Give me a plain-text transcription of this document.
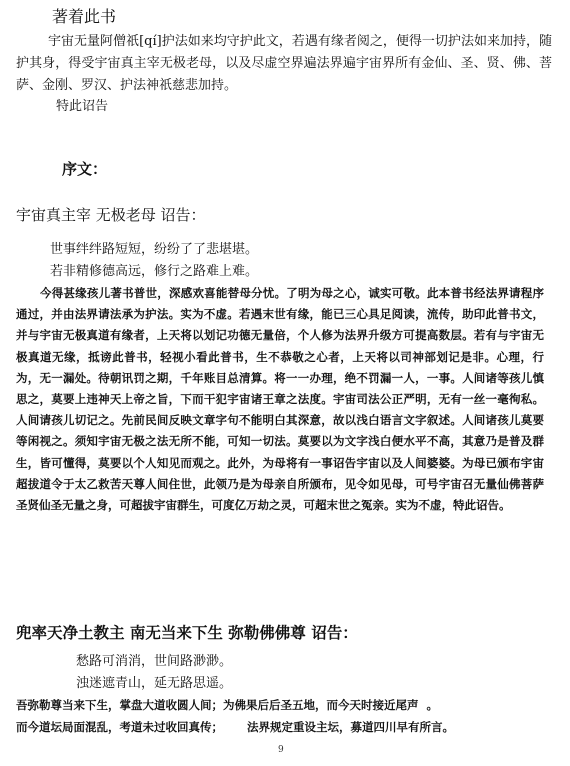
著着此书

宇宙无量阿僧祇[qí]护法如来均守护此文，若遇有缘者阅之，便得一切护法如来加持，随护其身，得受宇宙真主宰无极老母，以及尽虚空界遍法界遍宇宙界所有金仙、圣、贤、佛、菩萨、金刚、罗汉、护法神祇慈悲加持。

特此诏告

序文：

宇宙真主宰 无极老母 诏告：

世事绊绊路短短，纷纷了了悲堪堪。

若非精修德高远，修行之路难上难。

今得甚缘孩儿著书普世，深感欢喜能替母分忧。了明为母之心，诚实可敬。此本普书经法界请程序通过，并由法界请法承为护法。实为不虚。若遇末世有缘，能已三心具足阅读，流传，助印此普书文，并与宇宙无极真道有缘者，上天将以划记功德无量倍，个人修为法界升级方可提高数层。若有与宇宙无极真道无缘，抵谤此普书，轻视小看此普书，生不恭敬之心者，上天将以司神部划记是非。心理，行为，无一漏处。待朝讯罚之期，千年账目总清算。将一一办理，绝不罚漏一人，一事。人间诸等孩儿慎思之，莫要上违神天上帝之旨，下而干犯宇宙诸王章之法度。宇宙司法公正严明，无有一丝一毫徇私。人间请孩儿切记之。先前民间反映文章字句不能明白其深意，故以浅白语言文字叙述。人间诸孩儿莫要等闲视之。须知宇宙无极之法无所不能，可知一切法。莫要以为文字浅白便水平不高，其意乃是普及群生，皆可懂得，莫要以个人知见而观之。此外，为母将有一事诏告宇宙以及人间婆婆。为母已颁布宇宙超拔道令于太乙救苦天尊人间住世，此领乃是为母亲自所颁布，见令如见母，可号宇宙召无量仙佛菩萨圣贤仙圣无量之身，可超拔宇宙群生，可度亿万劫之灵，可超末世之冤亲。实为不虚，特此诏告。

兜率天净土教主 南无当来下生 弥勒佛佛尊 诏告：

愁路可消消，世间路渺渺。

浊迷遮青山，延无路思遥。

吾弥勒尊当来下生，掌盘大道收圆人间；为佛果后后圣五地，而今天时接近尾声  。
而今道坛局面混乱，考道未过收回真传；      法界规定重设主坛，募道四川早有所言。

9
